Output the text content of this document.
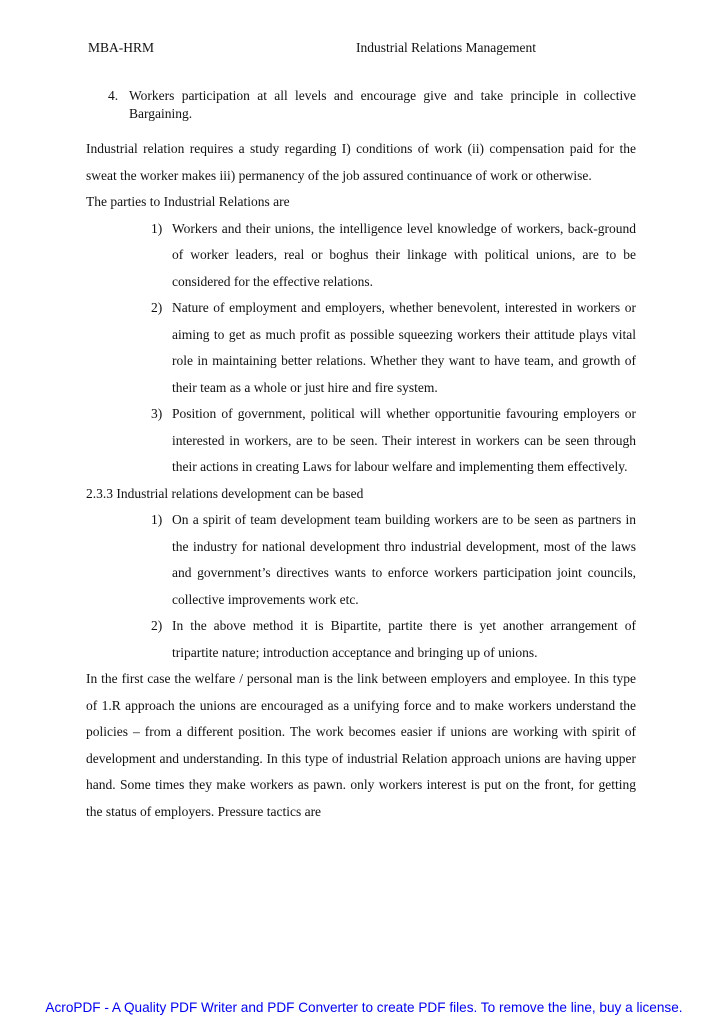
MBA-HRM	Industrial Relations Management
4. Workers participation at all levels and encourage give and take principle in collective Bargaining.

Industrial relation requires a study regarding I) conditions of work (ii) compensation paid for the sweat the worker makes iii) permanency of the job assured continuance of work or otherwise.

The parties to Industrial Relations are
1) Workers and their unions, the intelligence level knowledge of workers, back-ground of worker leaders, real or boghus their linkage with political unions, are to be considered for the effective relations.
2) Nature of employment and employers, whether benevolent, interested in workers or aiming to get as much profit as possible squeezing workers their attitude plays vital role in maintaining better relations. Whether they want to have team, and growth of their team as a whole or just hire and fire system.
3) Position of government, political will whether opportunitie favouring employers or interested in workers, are to be seen. Their interest in workers can be seen through their actions in creating Laws for labour welfare and implementing them effectively.
2.3.3 Industrial relations development can be based
1) On a spirit of team development team building workers are to be seen as partners in the industry for national development thro industrial development, most of the laws and government’s directives wants to enforce workers participation joint councils, collective improvements work etc.
2) In the above method it is Bipartite, partite there is yet another arrangement of tripartite nature; introduction acceptance and bringing up of unions.

In the first case the welfare / personal man is the link between employers and employee. In this type of 1.R approach the unions are encouraged as a unifying force and to make workers understand the policies – from a different position. The work becomes easier if unions are working with spirit of development and understanding. In this type of industrial Relation approach unions are having upper hand. Some times they make workers as pawn. only workers interest is put on the front, for getting the status of employers. Pressure tactics are

AcroPDF - A Quality PDF Writer and PDF Converter to create PDF files. To remove the line, buy a license.
